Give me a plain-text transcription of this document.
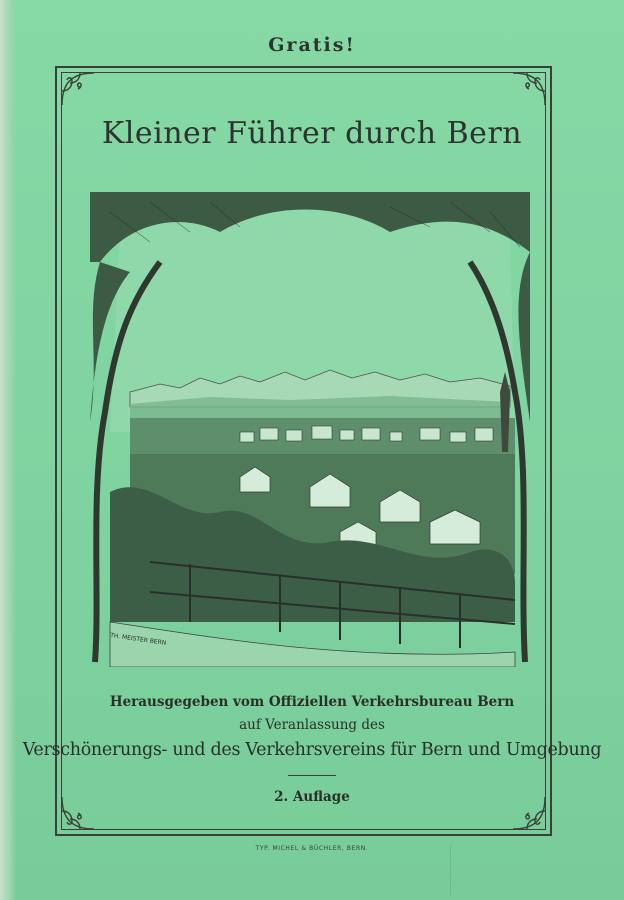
Gratis!
Kleiner Führer durch Bern
TH. MEISTER BERN
Herausgegeben vom Offiziellen Verkehrsbureau Bern
auf Veranlassung des
Verschönerungs- und des Verkehrsvereins für Bern und Umgebung
2. Auflage
TYP. MICHEL & BÜCHLER, BERN.
